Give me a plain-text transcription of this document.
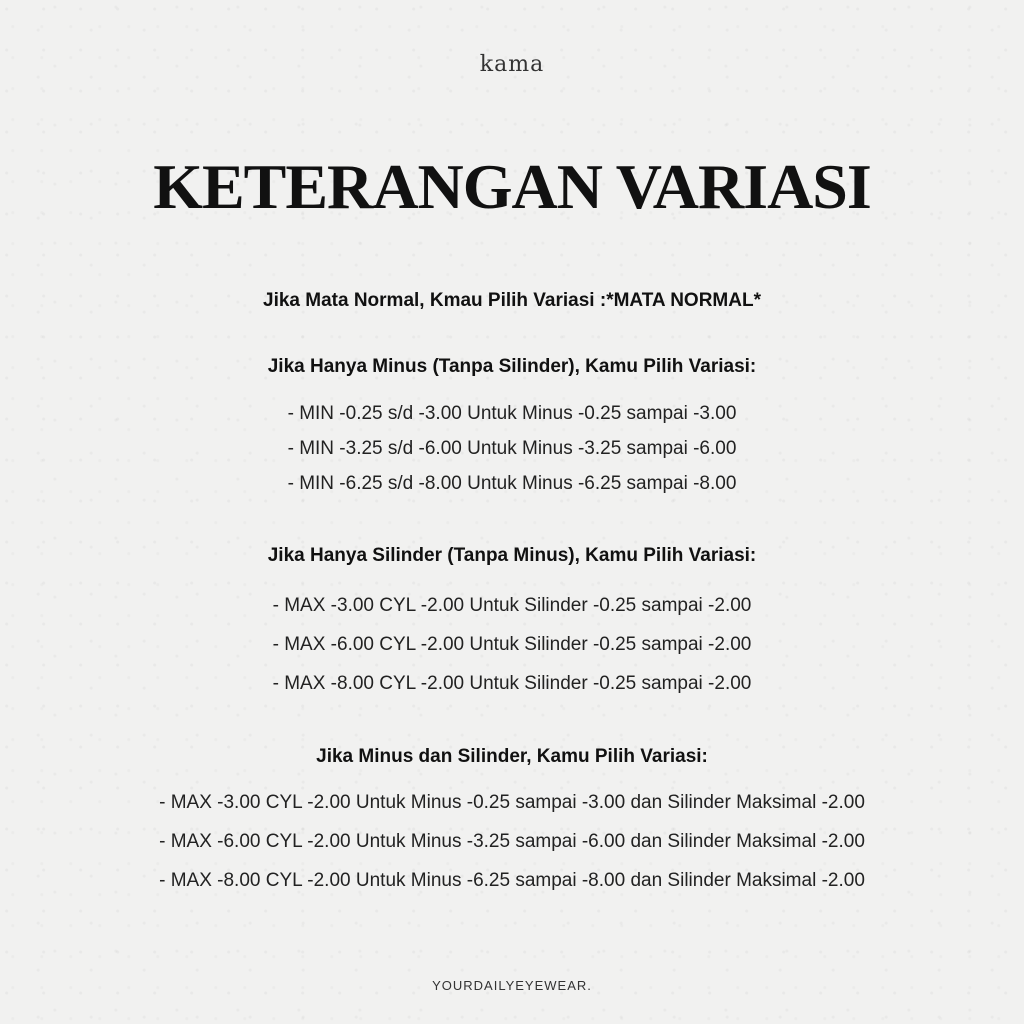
kama
KETERANGAN VARIASI
Jika Mata Normal, Kmau Pilih Variasi :*MATA NORMAL*
Jika Hanya Minus (Tanpa Silinder), Kamu Pilih Variasi:
- MIN -0.25 s/d -3.00 Untuk Minus -0.25 sampai -3.00
- MIN -3.25 s/d -6.00 Untuk Minus -3.25 sampai -6.00
- MIN -6.25 s/d -8.00 Untuk Minus -6.25 sampai -8.00
Jika Hanya Silinder (Tanpa Minus), Kamu Pilih Variasi:
- MAX -3.00 CYL -2.00 Untuk Silinder -0.25 sampai -2.00
- MAX -6.00 CYL -2.00 Untuk Silinder -0.25 sampai -2.00
- MAX -8.00 CYL -2.00 Untuk Silinder -0.25 sampai -2.00
Jika Minus dan Silinder, Kamu Pilih Variasi:
- MAX -3.00 CYL -2.00 Untuk Minus -0.25 sampai -3.00 dan Silinder Maksimal -2.00
- MAX -6.00 CYL -2.00 Untuk Minus -3.25 sampai -6.00 dan Silinder Maksimal -2.00
- MAX -8.00 CYL -2.00 Untuk Minus -6.25 sampai -8.00 dan Silinder Maksimal -2.00
YOURDAILYEYEWEAR.
